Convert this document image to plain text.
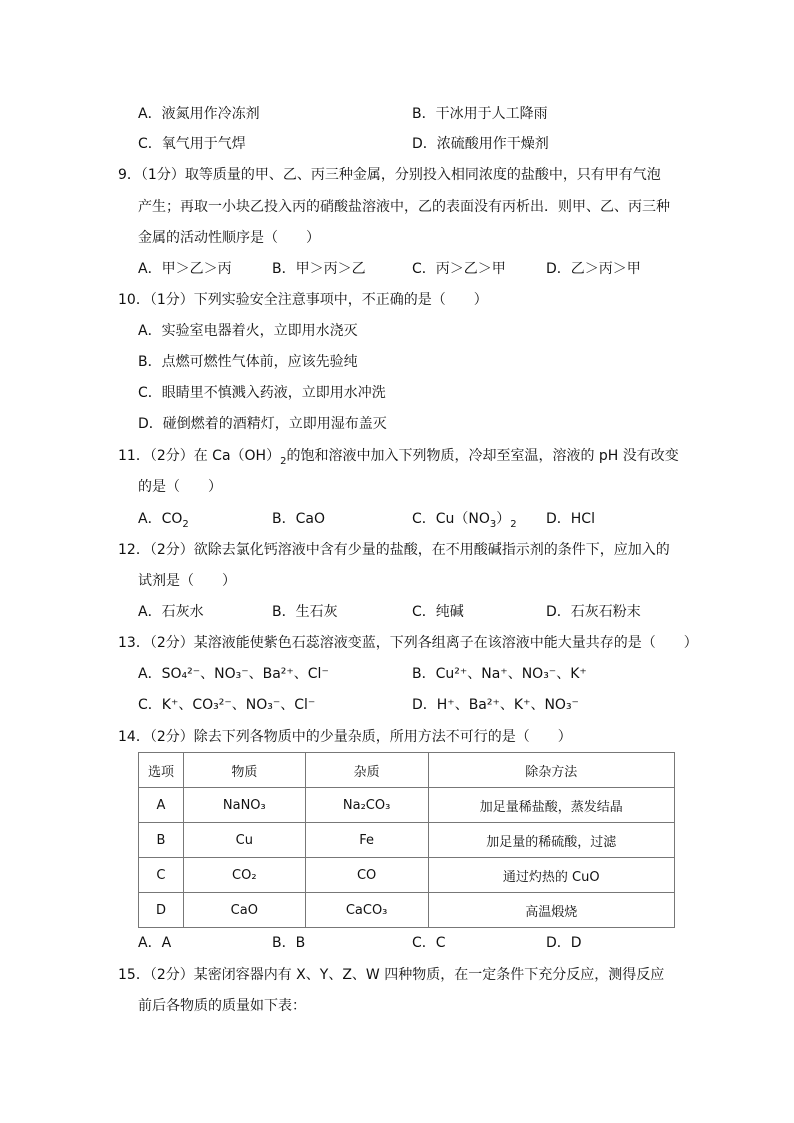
A．液氮用作冷冻剂	B．干冰用于人工降雨
C．氧气用于气焊	D．浓硫酸用作干燥剂
9．（1分）取等质量的甲、乙、丙三种金属，分别投入相同浓度的盐酸中，只有甲有气泡
产生；再取一小块乙投入丙的硝酸盐溶液中，乙的表面没有丙析出．则甲、乙、丙三种
金属的活动性顺序是（　　）
A．甲＞乙＞丙	B．甲＞丙＞乙	C．丙＞乙＞甲	D．乙＞丙＞甲
10．（1分）下列实验安全注意事项中，不正确的是（　　）
A．实验室电器着火，立即用水浇灭
B．点燃可燃性气体前，应该先验纯
C．眼睛里不慎溅入药液，立即用水冲洗
D．碰倒燃着的酒精灯，立即用湿布盖灭
11．（2分）在 $Ca(OH)_2$的饱和溶液中加入下列物质，冷却至室温，溶液的 pH 没有改变
的是（　　）
A．$CO_2$	B．CaO	C．$Cu(NO_3)_2$ D．HCl
12．（2分）欲除去氯化钙溶液中含有少量的盐酸，在不用酸碱指示剂的条件下，应加入的
试剂是（　　）
A．石灰水	B．生石灰	C．纯碱	D．石灰石粉末
13．（2分）某溶液能使紫色石蕊溶液变蓝，下列各组离子在该溶液中能大量共存的是（　　）
A．SO₄²⁻、NO₃⁻、Ba²⁺、Cl⁻	B．Cu²⁺、Na⁺、NO₃⁻、K⁺
C．K⁺、CO₃²⁻、NO₃⁻、Cl⁻	D．H⁺、Ba²⁺、K⁺、NO₃⁻
14．（2分）除去下列各物质中的少量杂质，所用方法不可行的是（　　）
选项	物质	杂质	除杂方法
A	NaNO₃	Na₂CO₃	加足量稀盐酸，蒸发结晶
B	Cu	Fe	加足量的稀硫酸，过滤
C	CO₂	CO	通过灼热的 CuO
D	CaO	CaCO₃	高温煅烧
A．A	B．B	C．C	D．D
15．（2分）某密闭容器内有 X、Y、Z、W 四种物质，在一定条件下充分反应，测得反应
前后各物质的质量如下表：
